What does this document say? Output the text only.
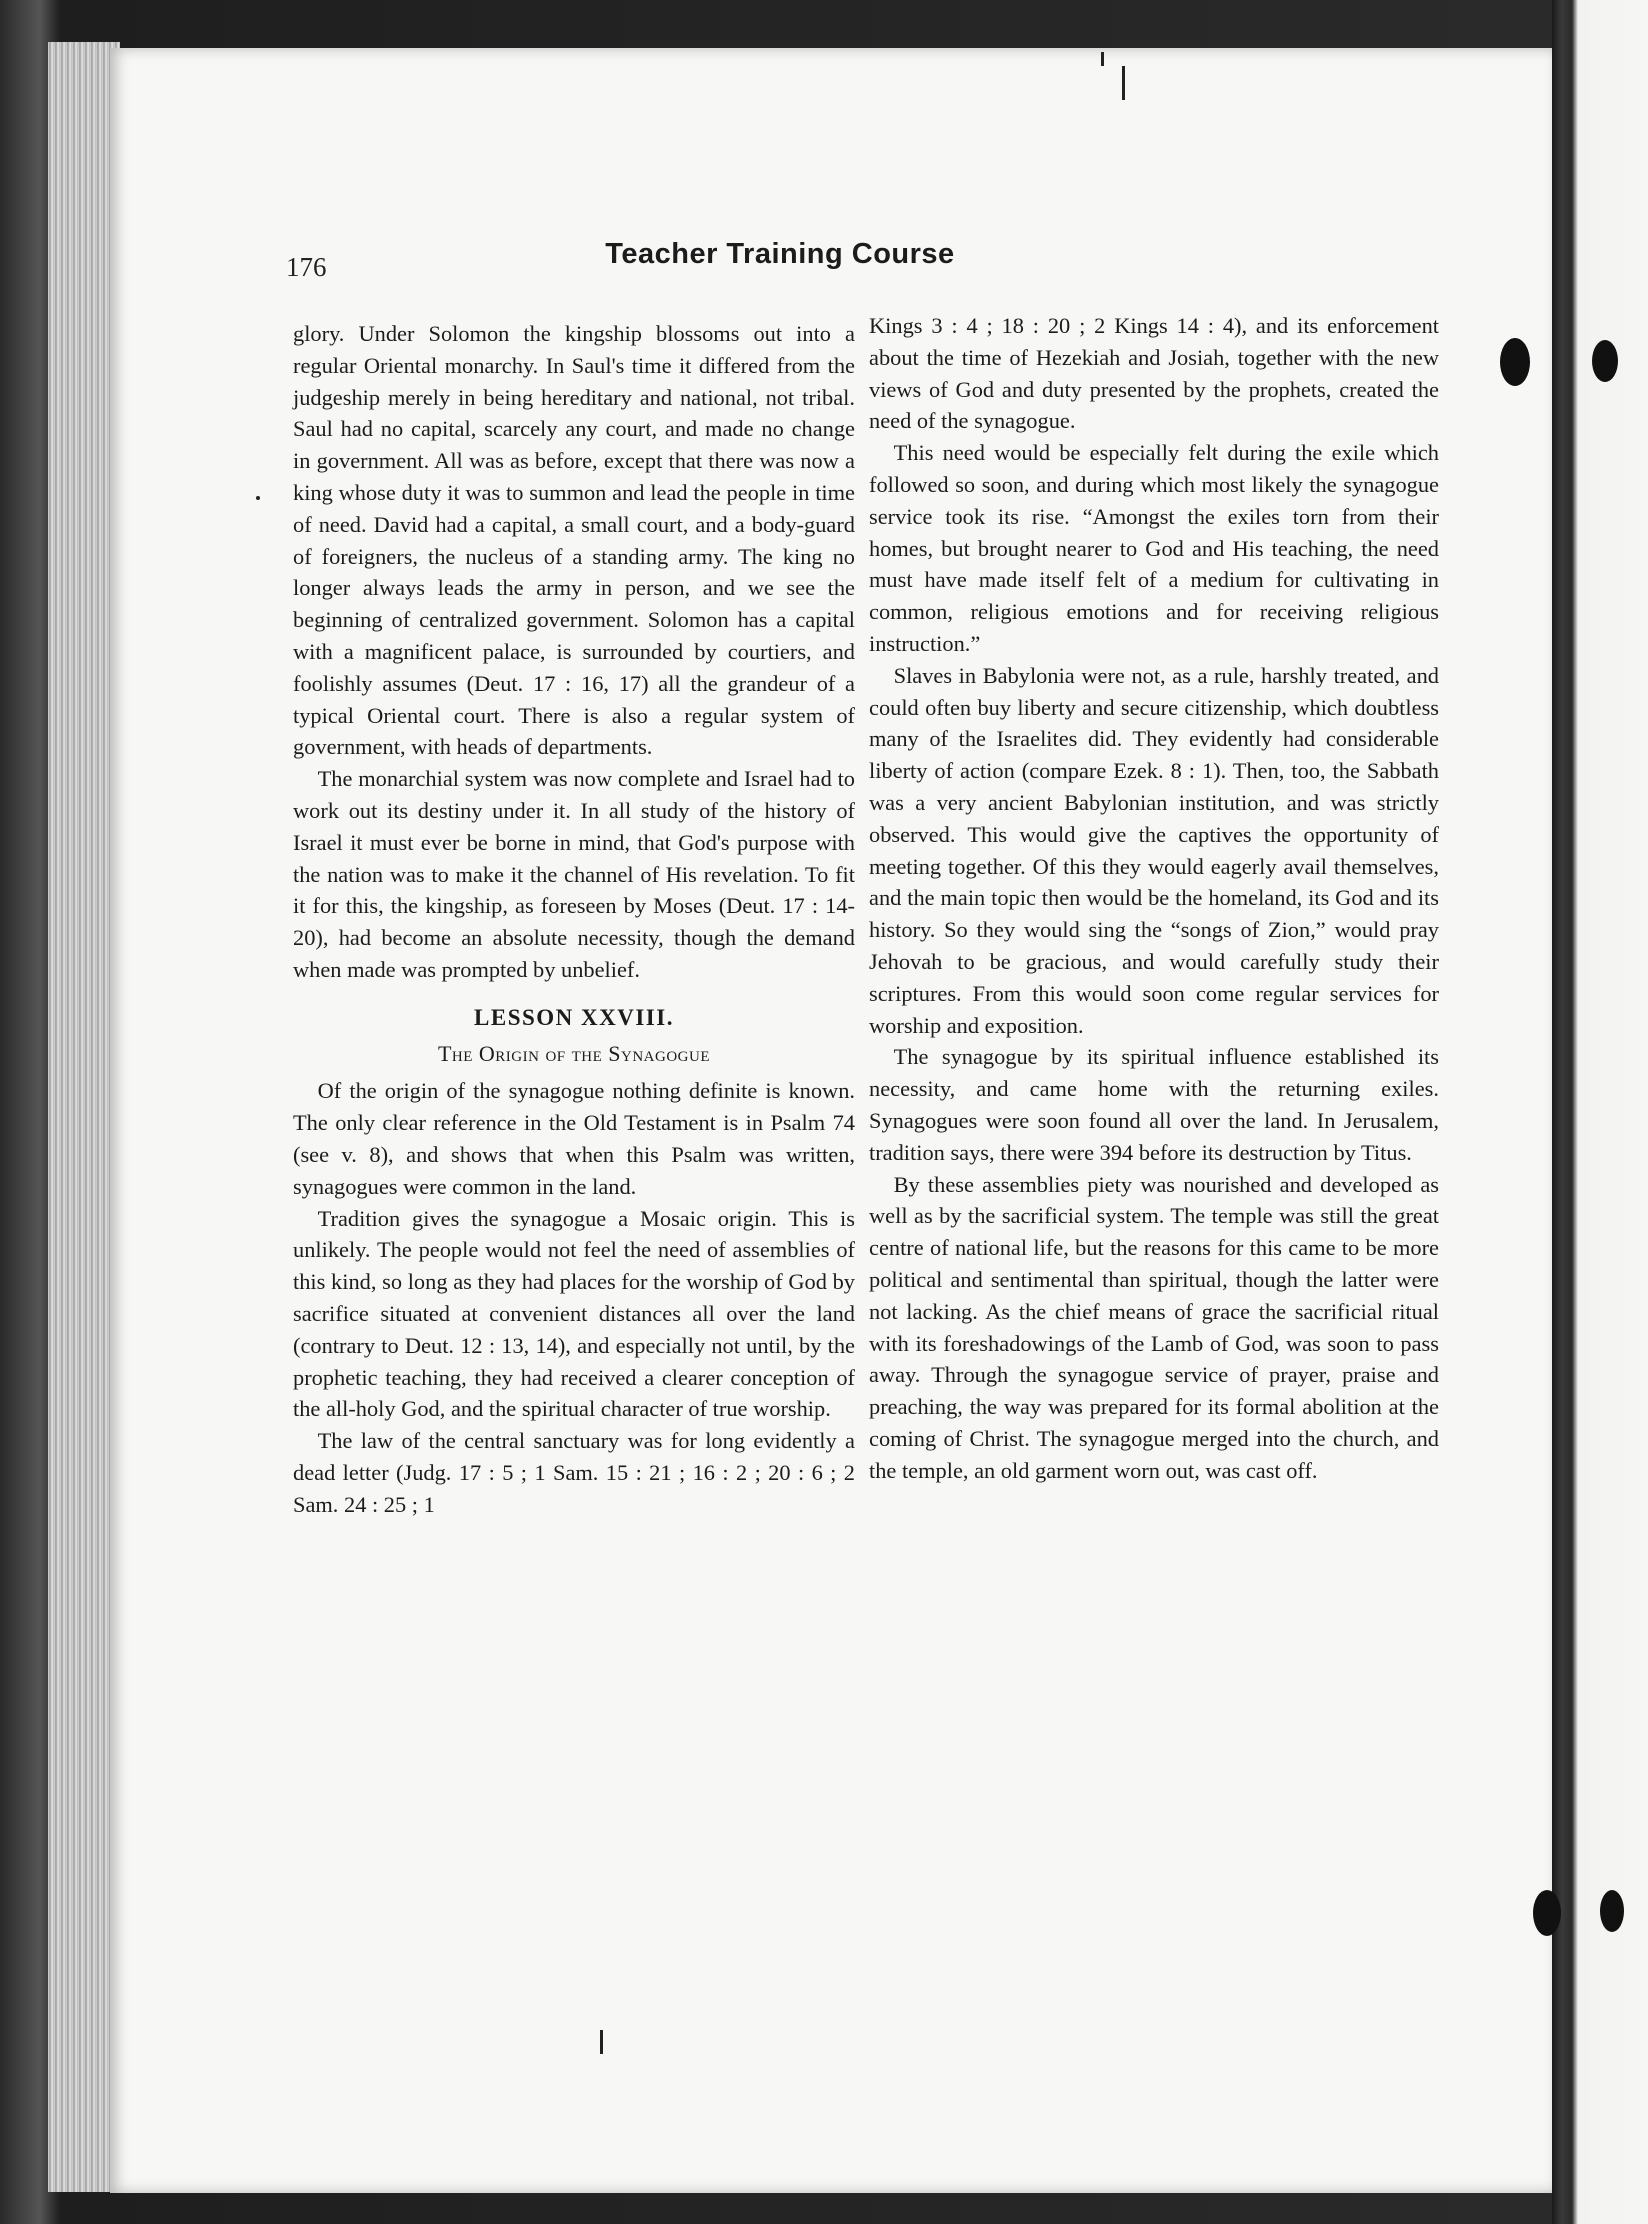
176	Teacher Training Course

glory. Under Solomon the kingship blossoms out into a regular Oriental monarchy. In Saul's time it differed from the judgeship merely in being hereditary and national, not tribal. Saul had no capital, scarcely any court, and made no change in government. All was as before, except that there was now a king whose duty it was to summon and lead the people in time of need. David had a capital, a small court, and a body-guard of foreigners, the nucleus of a standing army. The king no longer always leads the army in person, and we see the beginning of centralized government. Solomon has a capital with a magnificent palace, is surrounded by courtiers, and foolishly assumes (Deut. 17 : 16, 17) all the grandeur of a typical Oriental court. There is also a regular system of government, with heads of departments.

The monarchial system was now complete and Israel had to work out its destiny under it. In all study of the history of Israel it must ever be borne in mind, that God's purpose with the nation was to make it the channel of His revelation. To fit it for this, the kingship, as foreseen by Moses (Deut. 17 : 14-20), had become an absolute necessity, though the demand when made was prompted by unbelief.

LESSON XXVIII.
The Origin of the Synagogue

Of the origin of the synagogue nothing definite is known. The only clear reference in the Old Testament is in Psalm 74 (see v. 8), and shows that when this Psalm was written, synagogues were common in the land.

Tradition gives the synagogue a Mosaic origin. This is unlikely. The people would not feel the need of assemblies of this kind, so long as they had places for the worship of God by sacrifice situated at convenient distances all over the land (contrary to Deut. 12 : 13, 14), and especially not until, by the prophetic teaching, they had received a clearer conception of the all-holy God, and the spiritual character of true worship.

The law of the central sanctuary was for long evidently a dead letter (Judg. 17 : 5 ; 1 Sam. 15 : 21 ; 16 : 2 ; 20 : 6 ; 2 Sam. 24 : 25 ; 1

Kings 3 : 4 ; 18 : 20 ; 2 Kings 14 : 4), and its enforcement about the time of Hezekiah and Josiah, together with the new views of God and duty presented by the prophets, created the need of the synagogue.

This need would be especially felt during the exile which followed so soon, and during which most likely the synagogue service took its rise. “Amongst the exiles torn from their homes, but brought nearer to God and His teaching, the need must have made itself felt of a medium for cultivating in common, religious emotions and for receiving religious instruction.”

Slaves in Babylonia were not, as a rule, harshly treated, and could often buy liberty and secure citizenship, which doubtless many of the Israelites did. They evidently had considerable liberty of action (compare Ezek. 8 : 1). Then, too, the Sabbath was a very ancient Babylonian institution, and was strictly observed. This would give the captives the opportunity of meeting together. Of this they would eagerly avail themselves, and the main topic then would be the homeland, its God and its history. So they would sing the “songs of Zion,” would pray Jehovah to be gracious, and would carefully study their scriptures. From this would soon come regular services for worship and exposition.

The synagogue by its spiritual influence established its necessity, and came home with the returning exiles. Synagogues were soon found all over the land. In Jerusalem, tradition says, there were 394 before its destruction by Titus.

By these assemblies piety was nourished and developed as well as by the sacrificial system. The temple was still the great centre of national life, but the reasons for this came to be more political and sentimental than spiritual, though the latter were not lacking. As the chief means of grace the sacrificial ritual with its foreshadowings of the Lamb of God, was soon to pass away. Through the synagogue service of prayer, praise and preaching, the way was prepared for its formal abolition at the coming of Christ. The synagogue merged into the church, and the temple, an old garment worn out, was cast off.
